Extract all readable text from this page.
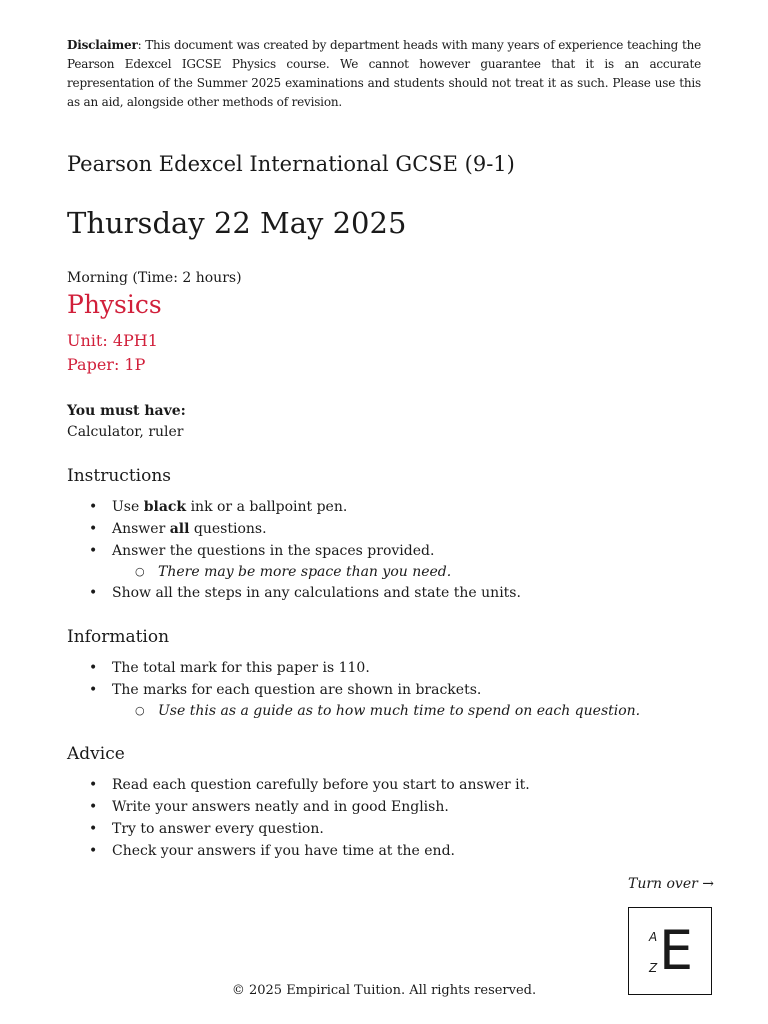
Disclaimer: This document was created by department heads with many years of experience teaching the Pearson Edexcel IGCSE Physics course. We cannot however guarantee that it is an accurate representation of the Summer 2025 examinations and students should not treat it as such. Please use this as an aid, alongside other methods of revision.

Pearson Edexcel International GCSE (9-1)
Thursday 22 May 2025

Morning (Time: 2 hours)

Physics

Unit: 4PH1

Paper: 1P

You must have:

Calculator, ruler

Instructions
• Use black ink or a ballpoint pen.
• Answer all questions.
• Answer the questions in the spaces provided.
○ There may be more space than you need.
• Show all the steps in any calculations and state the units.
Information
• The total mark for this paper is 110.
• The marks for each question are shown in brackets.
○ Use this as a guide as to how much time to spend on each question.
Advice
• Read each question carefully before you start to answer it.
• Write your answers neatly and in good English.
• Try to answer every question.
• Check your answers if you have time at the end.

Turn over →

A
Z E

© 2025 Empirical Tuition. All rights reserved.
